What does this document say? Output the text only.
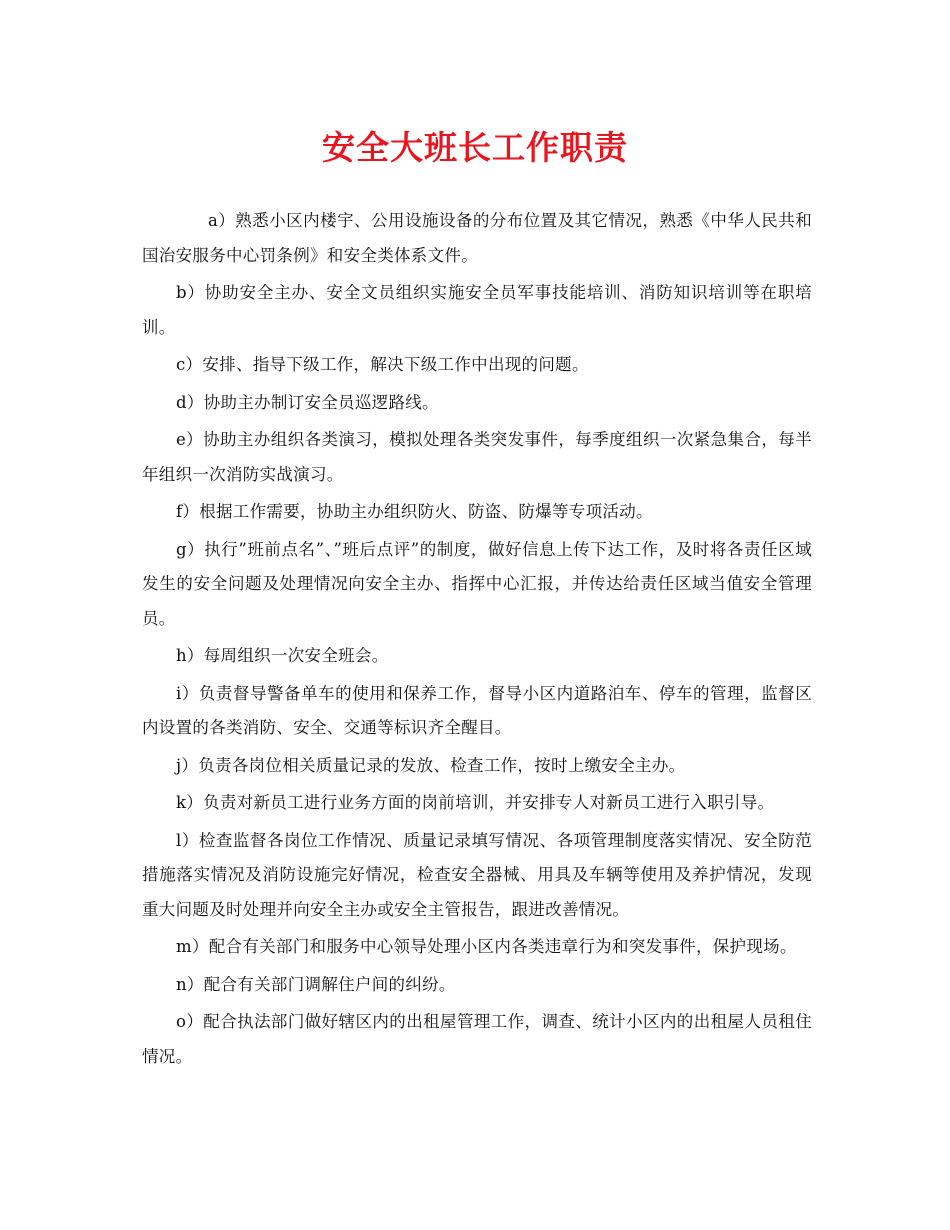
安全大班长工作职责

a）熟悉小区内楼宇、公用设施设备的分布位置及其它情况，熟悉《中华人民共和国治安服务中心罚条例》和安全类体系文件。

b）协助安全主办、安全文员组织实施安全员军事技能培训、消防知识培训等在职培训。

c）安排、指导下级工作，解决下级工作中出现的问题。

d）协助主办制订安全员巡逻路线。

e）协助主办组织各类演习，模拟处理各类突发事件，每季度组织一次紧急集合，每半年组织一次消防实战演习。

f）根据工作需要，协助主办组织防火、防盗、防爆等专项活动。

g）执行”班前点名”、”班后点评”的制度，做好信息上传下达工作，及时将各责任区域发生的安全问题及处理情况向安全主办、指挥中心汇报，并传达给责任区域当值安全管理员。

h）每周组织一次安全班会。

i）负责督导警备单车的使用和保养工作，督导小区内道路泊车、停车的管理，监督区内设置的各类消防、安全、交通等标识齐全醒目。

j）负责各岗位相关质量记录的发放、检查工作，按时上缴安全主办。

k）负责对新员工进行业务方面的岗前培训，并安排专人对新员工进行入职引导。

l）检查监督各岗位工作情况、质量记录填写情况、各项管理制度落实情况、安全防范措施落实情况及消防设施完好情况，检查安全器械、用具及车辆等使用及养护情况，发现重大问题及时处理并向安全主办或安全主管报告，跟进改善情况。

m）配合有关部门和服务中心领导处理小区内各类违章行为和突发事件，保护现场。

n）配合有关部门调解住户间的纠纷。

o）配合执法部门做好辖区内的出租屋管理工作，调查、统计小区内的出租屋人员租住情况。
